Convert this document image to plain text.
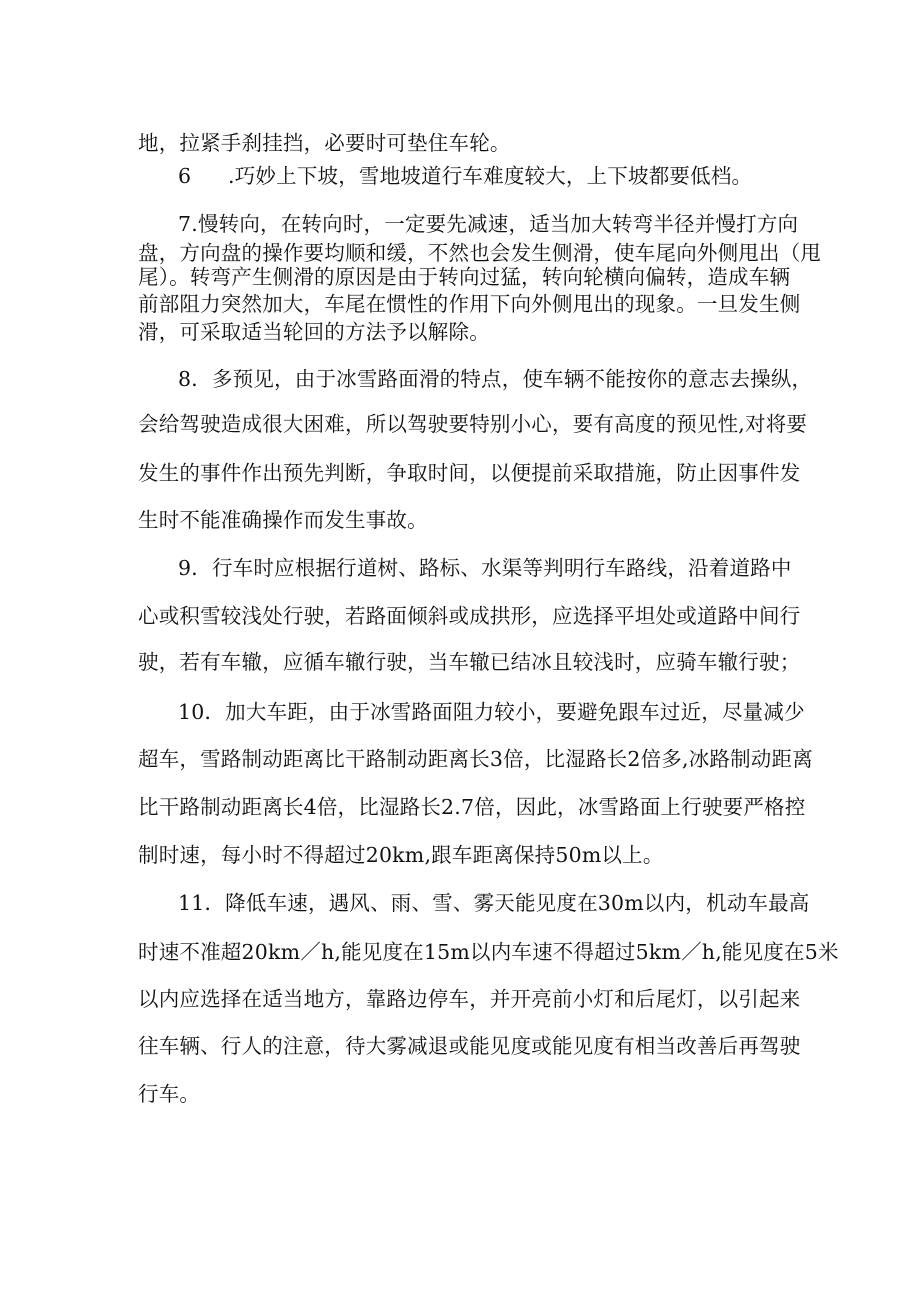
地，拉紧手刹挂挡，必要时可垫住车轮。
6 .巧妙上下坡，雪地坡道行车难度较大，上下坡都要低档。
7.慢转向，在转向时，一定要先减速，适当加大转弯半径并慢打方向
盘，方向盘的操作要均顺和缓，不然也会发生侧滑，使车尾向外侧甩出（甩
尾）。转弯产生侧滑的原因是由于转向过猛，转向轮横向偏转，造成车辆
前部阻力突然加大，车尾在惯性的作用下向外侧甩出的现象。一旦发生侧
滑，可采取适当轮回的方法予以解除。
8．多预见，由于冰雪路面滑的特点，使车辆不能按你的意志去操纵，
会给驾驶造成很大困难，所以驾驶要特别小心，要有高度的预见性,对将要
发生的事件作出预先判断，争取时间，以便提前采取措施，防止因事件发
生时不能准确操作而发生事故。
9．行车时应根据行道树、路标、水渠等判明行车路线，沿着道路中
心或积雪较浅处行驶，若路面倾斜或成拱形，应选择平坦处或道路中间行
驶，若有车辙，应循车辙行驶，当车辙已结冰且较浅时，应骑车辙行驶；
10．加大车距，由于冰雪路面阻力较小，要避免跟车过近，尽量减少
超车，雪路制动距离比干路制动距离长3倍，比湿路长2倍多,冰路制动距离
比干路制动距离长4倍，比湿路长2.7倍，因此，冰雪路面上行驶要严格控
制时速，每小时不得超过20km,跟车距离保持50m以上。
11．降低车速，遇风、雨、雪、雾天能见度在30m以内，机动车最高
时速不准超20km／h,能见度在15m以内车速不得超过5km／h,能见度在5米
以内应选择在适当地方，靠路边停车，并开亮前小灯和后尾灯，以引起来
往车辆、行人的注意，待大雾减退或能见度或能见度有相当改善后再驾驶
行车。
